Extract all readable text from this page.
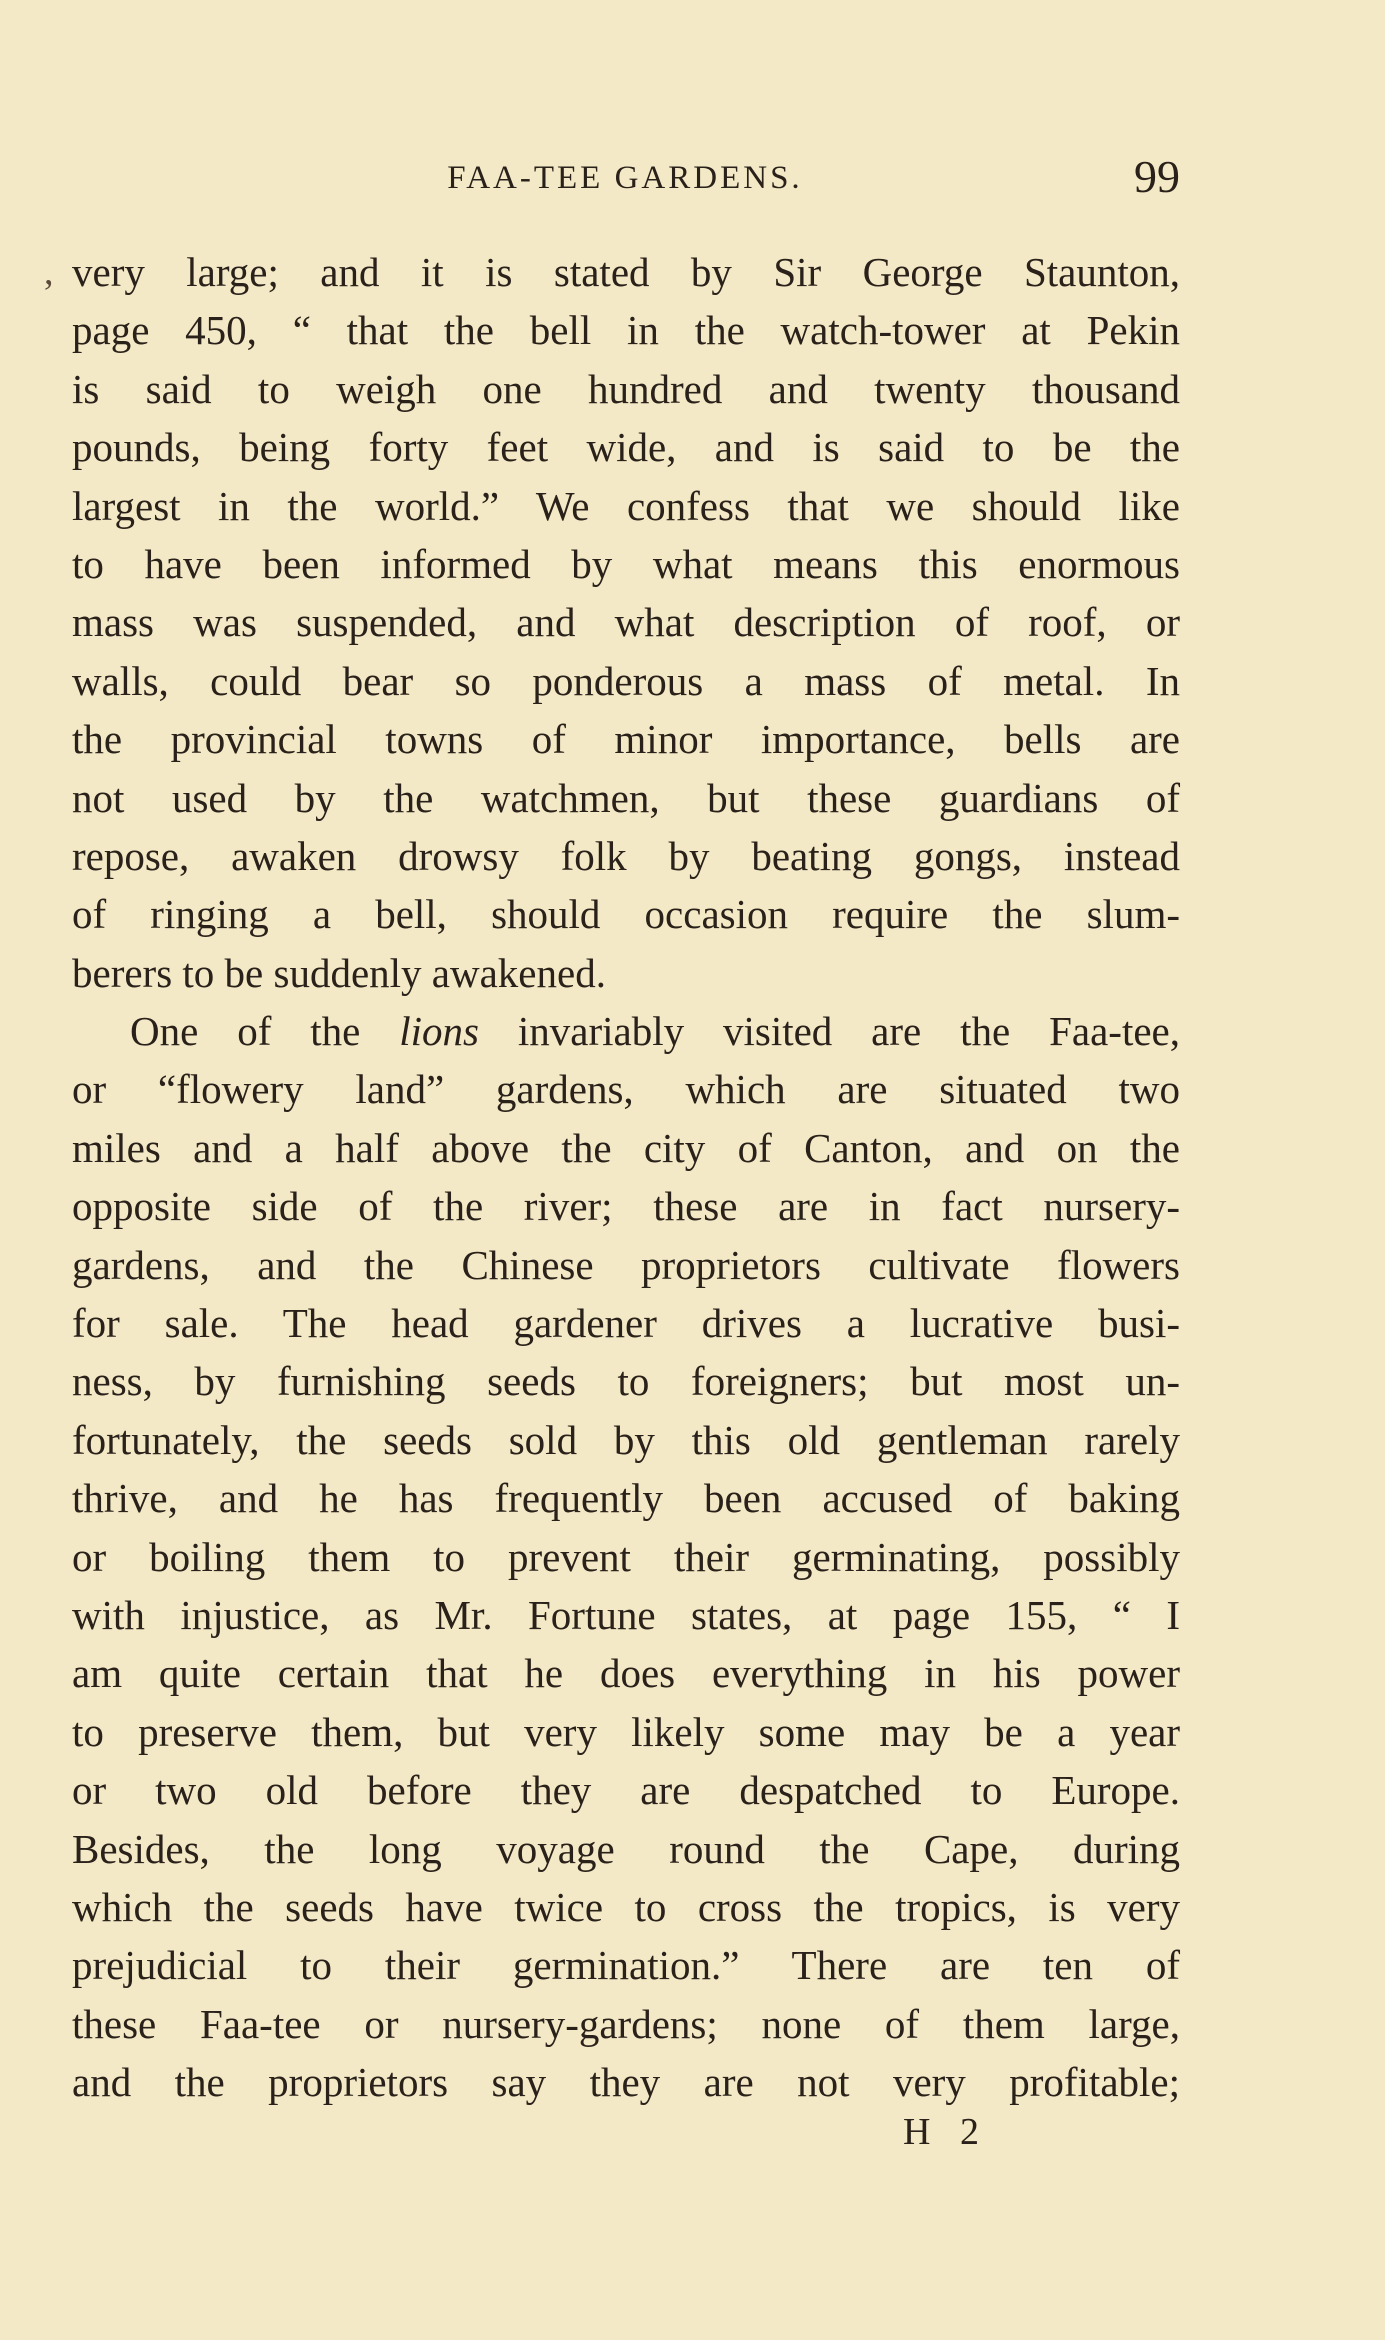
FAA-TEE GARDENS.	99
, very large; and it is stated by Sir George Staunton,
page 450, “ that the bell in the watch-tower at Pekin
is said to weigh one hundred and twenty thousand
pounds, being forty feet wide, and is said to be the
largest in the world.” We confess that we should like
to have been informed by what means this enormous
mass was suspended, and what description of roof, or
walls, could bear so ponderous a mass of metal. In
the provincial towns of minor importance, bells are
not used by the watchmen, but these guardians of
repose, awaken drowsy folk by beating gongs, instead
of ringing a bell, should occasion require the slum-
berers to be suddenly awakened.
One of the lions invariably visited are the Faa-tee,
or “flowery land” gardens, which are situated two
miles and a half above the city of Canton, and on the
opposite side of the river; these are in fact nursery-
gardens, and the Chinese proprietors cultivate flowers
for sale. The head gardener drives a lucrative busi-
ness, by furnishing seeds to foreigners; but most un-
fortunately, the seeds sold by this old gentleman rarely
thrive, and he has frequently been accused of baking
or boiling them to prevent their germinating, possibly
with injustice, as Mr. Fortune states, at page 155, “ I
am quite certain that he does everything in his power
to preserve them, but very likely some may be a year
or two old before they are despatched to Europe.
Besides, the long voyage round the Cape, during
which the seeds have twice to cross the tropics, is very
prejudicial to their germination.” There are ten of
these Faa-tee or nursery-gardens; none of them large,
and the proprietors say they are not very profitable;
H 2
